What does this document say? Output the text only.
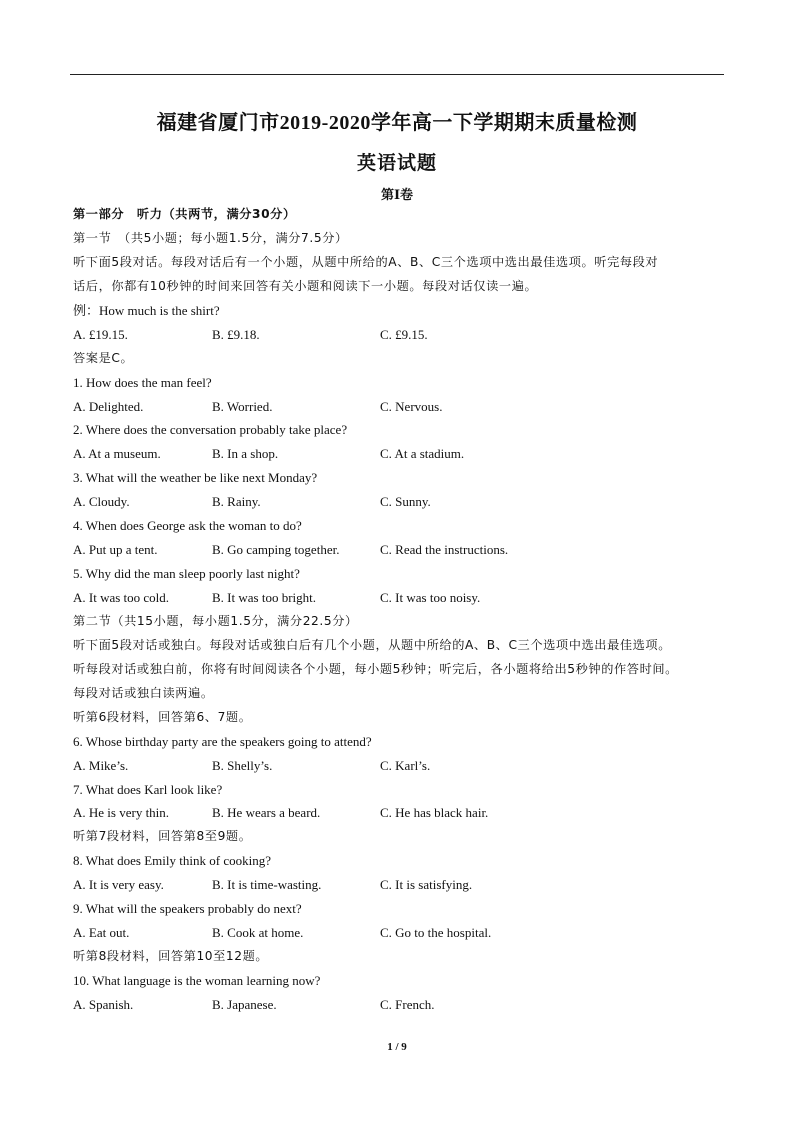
福建省厦门市2019-2020学年高一下学期期末质量检测
英语试题
第Ⅰ卷
第一部分　听力（共两节，满分30分）
第一节　（共5小题；每小题1.5分，满分7.5分）
听下面5段对话。每段对话后有一个小题，从题中所给的A、B、C三个选项中选出最佳选项。听完每段对
话后，你都有10秒钟的时间来回答有关小题和阅读下一小题。每段对话仅读一遍。
例：How much is the shirt?
A. £19.15.	B. £9.18.	C. £9.15.
答案是C。
1. How does the man feel?
A. Delighted.	B. Worried.	C. Nervous.
2. Where does the conversation probably take place?
A. At a museum.	B. In a shop.	C. At a stadium.
3. What will the weather be like next Monday?
A. Cloudy.	B. Rainy.	C. Sunny.
4. When does George ask the woman to do?
A. Put up a tent.	B. Go camping together.	C. Read the instructions.
5. Why did the man sleep poorly last night?
A. It was too cold.	B. It was too bright.	C. It was too noisy.
第二节（共15小题，每小题1.5分，满分22.5分）
听下面5段对话或独白。每段对话或独白后有几个小题，从题中所给的A、B、C三个选项中选出最佳选项。
听每段对话或独白前，你将有时间阅读各个小题，每小题5秒钟；听完后，各小题将给出5秒钟的作答时间。
每段对话或独白读两遍。
听第6段材料，回答第6、7题。
6. Whose birthday party are the speakers going to attend?
A. Mike’s.	B. Shelly’s.	C. Karl’s.
7. What does Karl look like?
A. He is very thin.	B. He wears a beard.	C. He has black hair.
听第7段材料，回答第8至9题。
8. What does Emily think of cooking?
A. It is very easy.	B. It is time-wasting.	C. It is satisfying.
9. What will the speakers probably do next?
A. Eat out.	B. Cook at home.	C. Go to the hospital.
听第8段材料，回答第10至12题。
10. What language is the woman learning now?
A. Spanish.	B. Japanese.	C. French.
1 / 9
